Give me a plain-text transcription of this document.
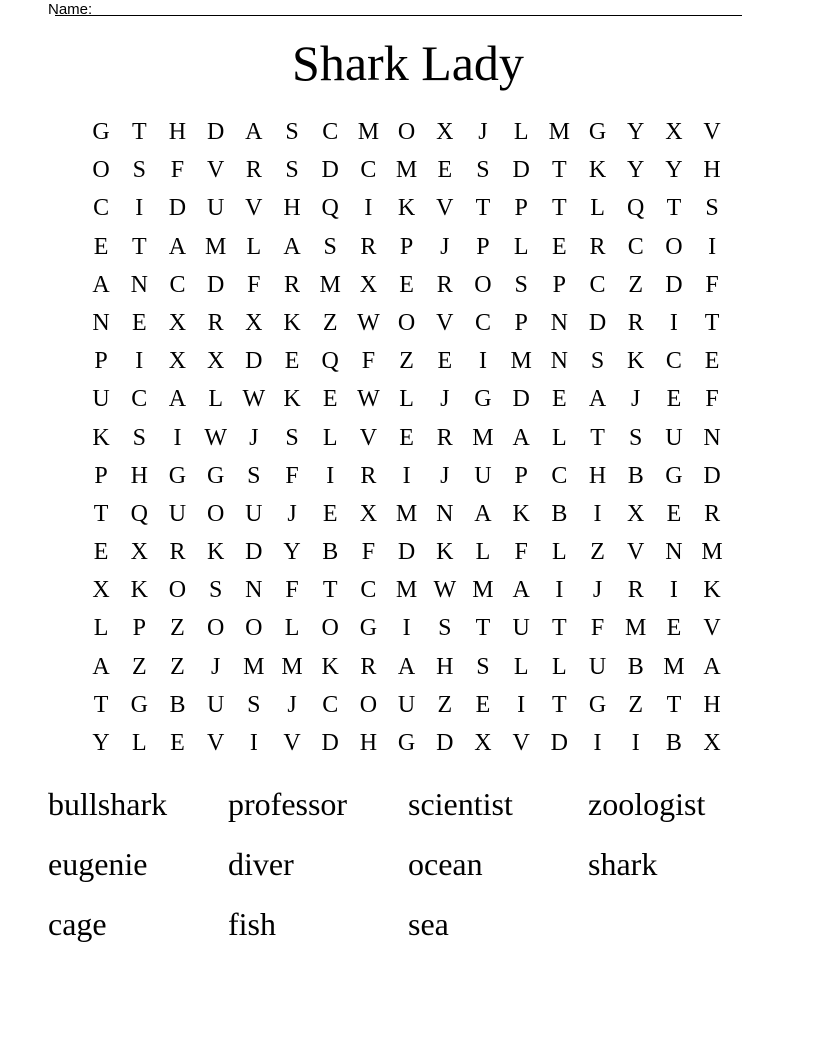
Name:
Shark Lady
G T H D A S C M O X	J	L M G Y X V
O S	F V R S D C M E	S D T K Y Y H
C	I	D U V H Q	I	K V T	P	T L Q T	S
E T A M L A S R P	J	P	L E R C O	I
A N C D F R M X E R O S	P C Z D F
N E X R X K Z W O V C P N D R	I	T
P	I	X X D E Q F	Z E	I M N S K C E
U C A L W K E W L	J	G D E A	J	E	F
K S	I W J	S	L V E R M A L T	S U N
P H G G S	F	I	R	I	J	U P C H B G D
T Q U O U	J	E X M N A K B	I	X E R
E X R K D Y B F D K L	F	L Z V N M
X K O S N F	T C M W M A	I	J	R	I	K
L	P	Z O O L O G	I	S	T U T	F M E V
A Z Z	J M M K R A H S	L L U B M A
T G B U S	J	C O U Z E	I	T G Z T H
Y L E V	I	V D H G D X V D	I	I	B X
bullshark	professor	scientist	zoologist
eugenie	diver	ocean	shark
cage	fish	sea
